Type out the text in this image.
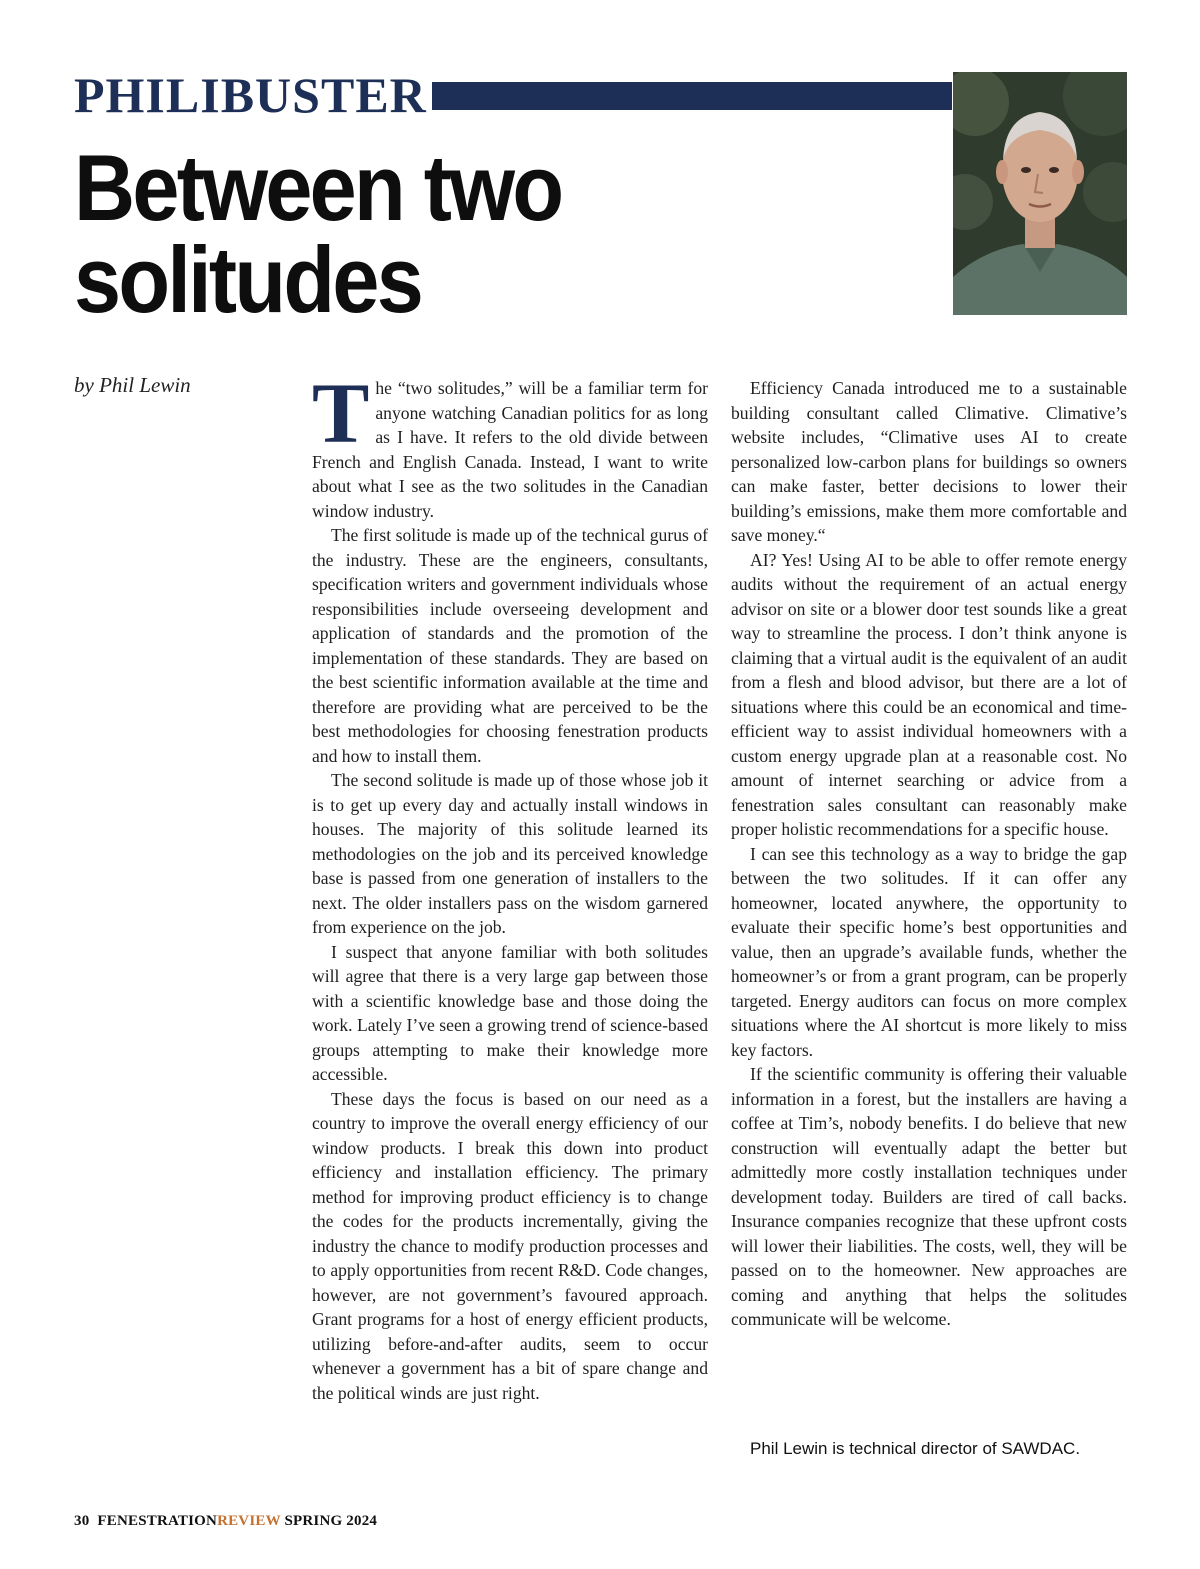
PHILIBUSTER
Between two
solitudes
by Phil Lewin The “two solitudes,” will be a familiar term for anyone watching Canadian politics for as long as I have. It refers to the old divide between French and English Canada. Instead, I want to write about what I see as the two solitudes in the Canadian window industry.

The first solitude is made up of the technical gurus of the industry. These are the engineers, consultants, specification writers and government individuals whose responsibilities include overseeing development and application of standards and the promotion of the implementation of these standards. They are based on the best scientific information available at the time and therefore are providing what are perceived to be the best methodologies for choosing fenestration products and how to install them.

The second solitude is made up of those whose job it is to get up every day and actually install windows in houses. The majority of this solitude learned its methodologies on the job and its perceived knowledge base is passed from one generation of installers to the next. The older installers pass on the wisdom garnered from experience on the job.

I suspect that anyone familiar with both solitudes will agree that there is a very large gap between those with a scientific knowledge base and those doing the work. Lately I’ve seen a growing trend of science-based groups attempting to make their knowledge more accessible.

These days the focus is based on our need as a country to improve the overall energy efficiency of our window products. I break this down into product efficiency and installation efficiency. The primary method for improving product efficiency is to change the codes for the products incrementally, giving the industry the chance to modify production processes and to apply opportunities from recent R&D. Code changes, however, are not government’s favoured approach. Grant programs for a host of energy efficient products, utilizing before-and-after audits, seem to occur whenever a government has a bit of spare change and the political winds are just right.

Efficiency Canada introduced me to a sustainable building consultant called Climative. Climative’s website includes, “Climative uses AI to create personalized low-carbon plans for buildings so owners can make faster, better decisions to lower their building’s emissions, make them more comfortable and save money.“

AI? Yes! Using AI to be able to offer remote energy audits without the requirement of an actual energy advisor on site or a blower door test sounds like a great way to streamline the process. I don’t think anyone is claiming that a virtual audit is the equivalent of an audit from a flesh and blood advisor, but there are a lot of situations where this could be an economical and time-efficient way to assist individual homeowners with a custom energy upgrade plan at a reasonable cost. No amount of internet searching or advice from a fenestration sales consultant can reasonably make proper holistic recommendations for a specific house.

I can see this technology as a way to bridge the gap between the two solitudes. If it can offer any homeowner, located anywhere, the opportunity to evaluate their specific home’s best opportunities and value, then an upgrade’s available funds, whether the homeowner’s or from a grant program, can be properly targeted. Energy auditors can focus on more complex situations where the AI shortcut is more likely to miss key factors.

If the scientific community is offering their valuable information in a forest, but the installers are having a coffee at Tim’s, nobody benefits. I do believe that new construction will eventually adapt the better but admittedly more costly installation techniques under development today. Builders are tired of call backs. Insurance companies recognize that these upfront costs will lower their liabilities. The costs, well, they will be passed on to the homeowner. New approaches are coming and anything that helps the solitudes communicate will be welcome.

Phil Lewin is technical director of SAWDAC.
30 FENESTRATIONREVIEW SPRING 2024
